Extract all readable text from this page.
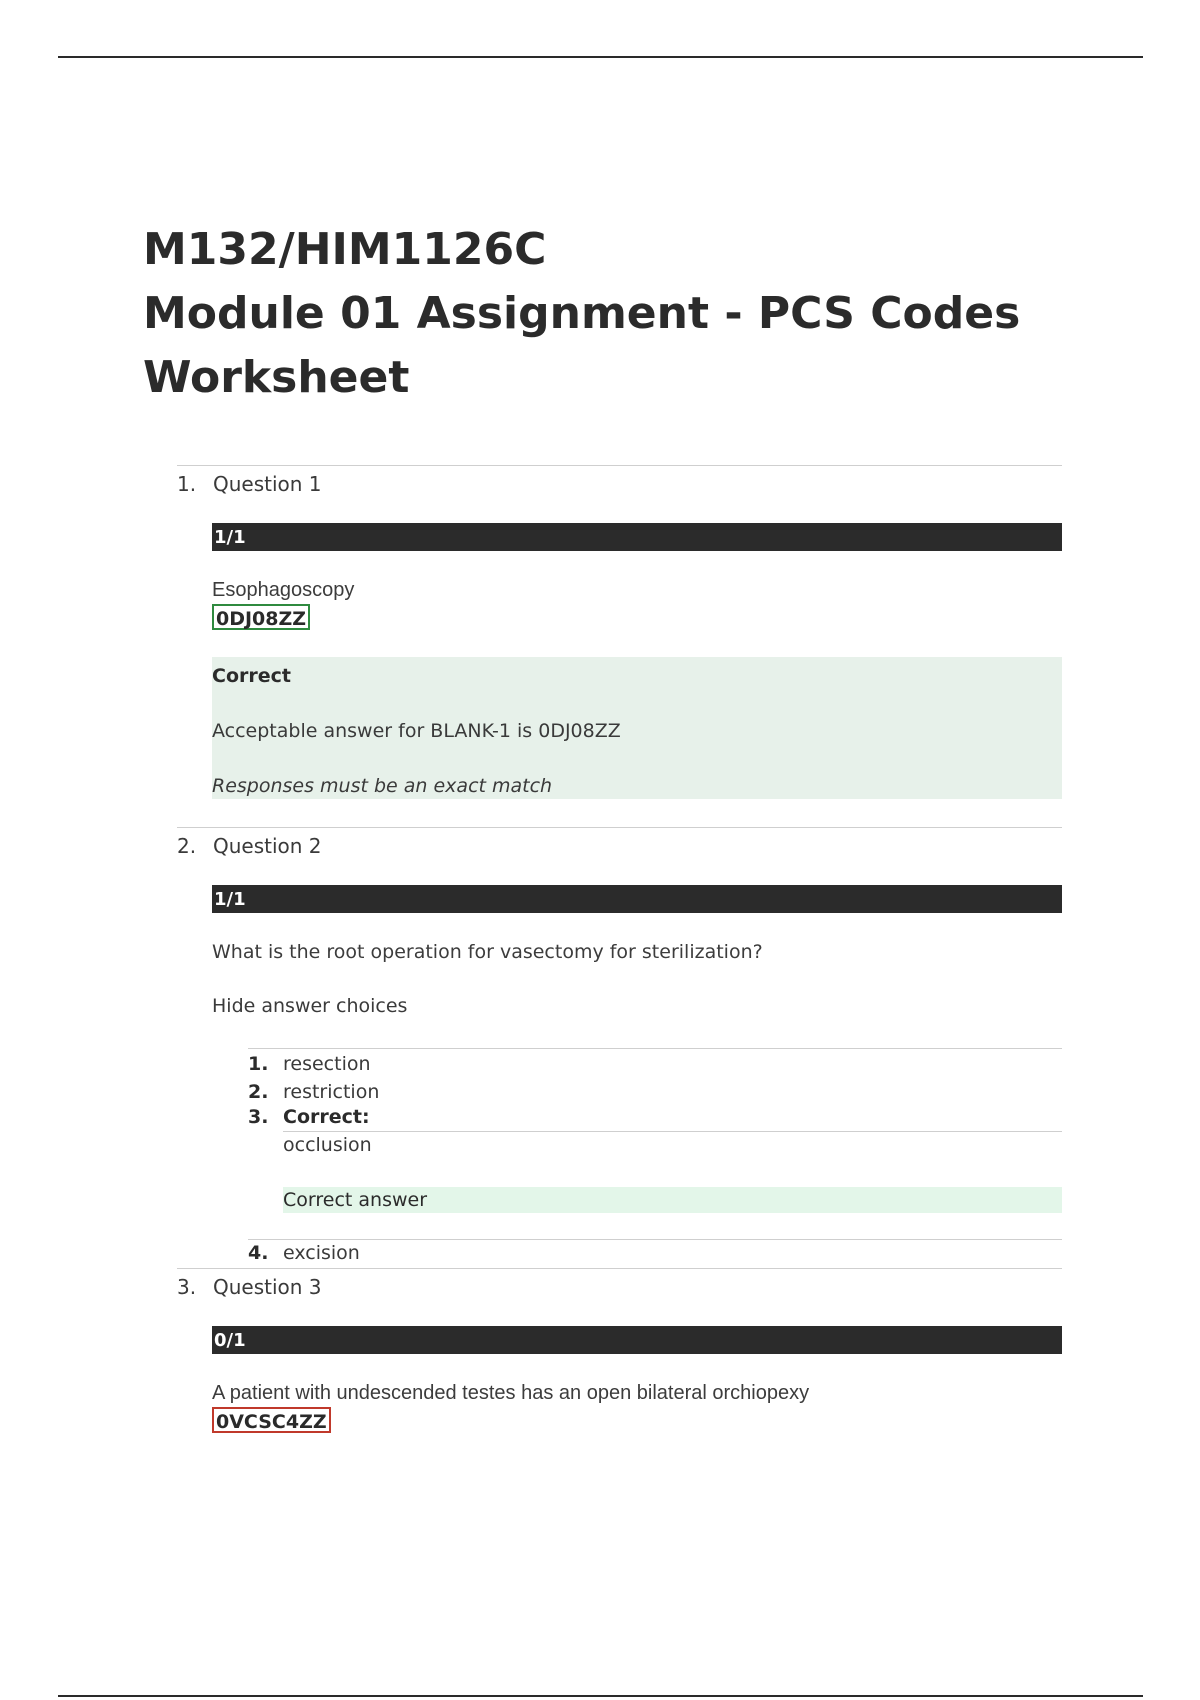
M132/HIM1126C
Module 01 Assignment - PCS Codes
Worksheet
1. Question 1
1/1
Esophagoscopy
0DJ08ZZ
Correct
Acceptable answer for BLANK-1 is 0DJ08ZZ
Responses must be an exact match
2. Question 2
1/1
What is the root operation for vasectomy for sterilization?
Hide answer choices
1. resection
2. restriction
3. Correct:
occlusion
Correct answer
4. excision
3. Question 3
0/1
A patient with undescended testes has an open bilateral orchiopexy
0VCSC4ZZ
